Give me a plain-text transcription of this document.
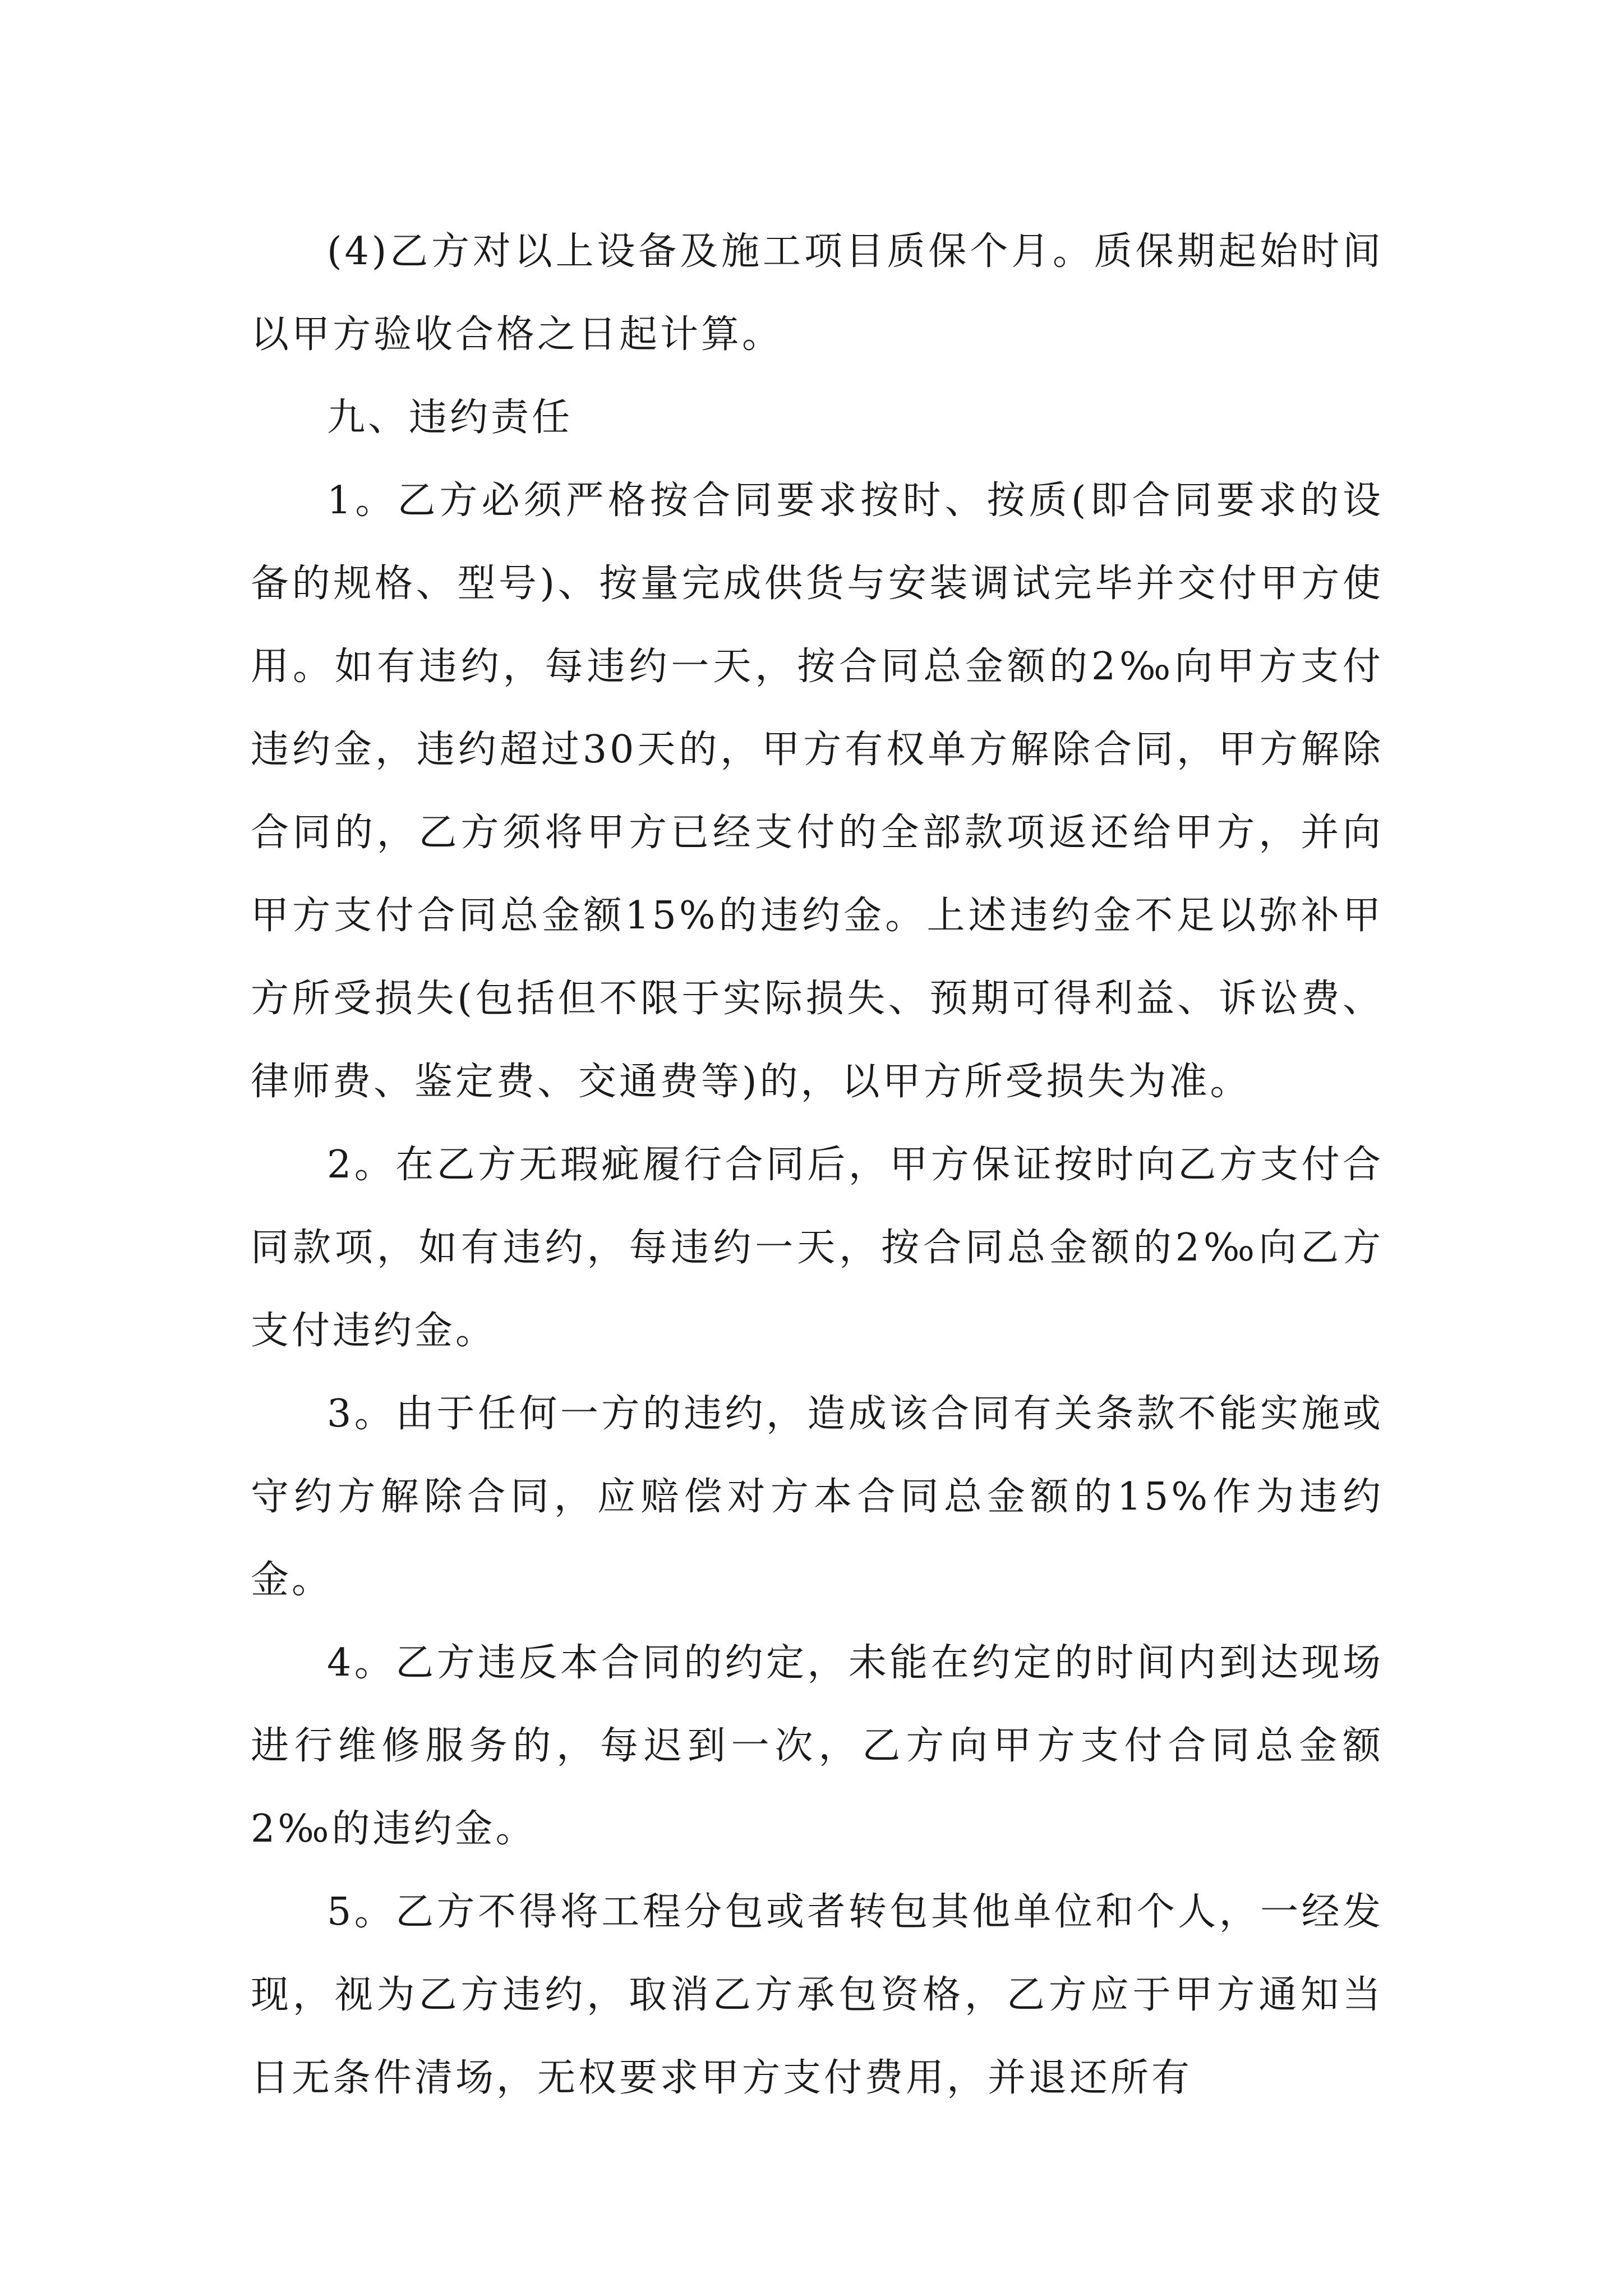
(4)乙方对以上设备及施工项目质保个月。质保期起始时间以甲方验收合格之日起计算。

九、违约责任

1。乙方必须严格按合同要求按时、按质(即合同要求的设备的规格、型号)、按量完成供货与安装调试完毕并交付甲方使用。如有违约，每违约一天，按合同总金额的2‰向甲方支付违约金，违约超过30天的，甲方有权单方解除合同，甲方解除合同的，乙方须将甲方已经支付的全部款项返还给甲方，并向甲方支付合同总金额15%的违约金。上述违约金不足以弥补甲方所受损失(包括但不限于实际损失、预期可得利益、诉讼费、律师费、鉴定费、交通费等)的，以甲方所受损失为准。

2。在乙方无瑕疵履行合同后，甲方保证按时向乙方支付合同款项，如有违约，每违约一天，按合同总金额的2‰向乙方支付违约金。

3。由于任何一方的违约，造成该合同有关条款不能实施或守约方解除合同，应赔偿对方本合同总金额的15%作为违约金。

4。乙方违反本合同的约定，未能在约定的时间内到达现场进行维修服务的，每迟到一次，乙方向甲方支付合同总金额2‰的违约金。

5。乙方不得将工程分包或者转包其他单位和个人，一经发现，视为乙方违约，取消乙方承包资格，乙方应于甲方通知当日无条件清场，无权要求甲方支付费用，并退还所有
